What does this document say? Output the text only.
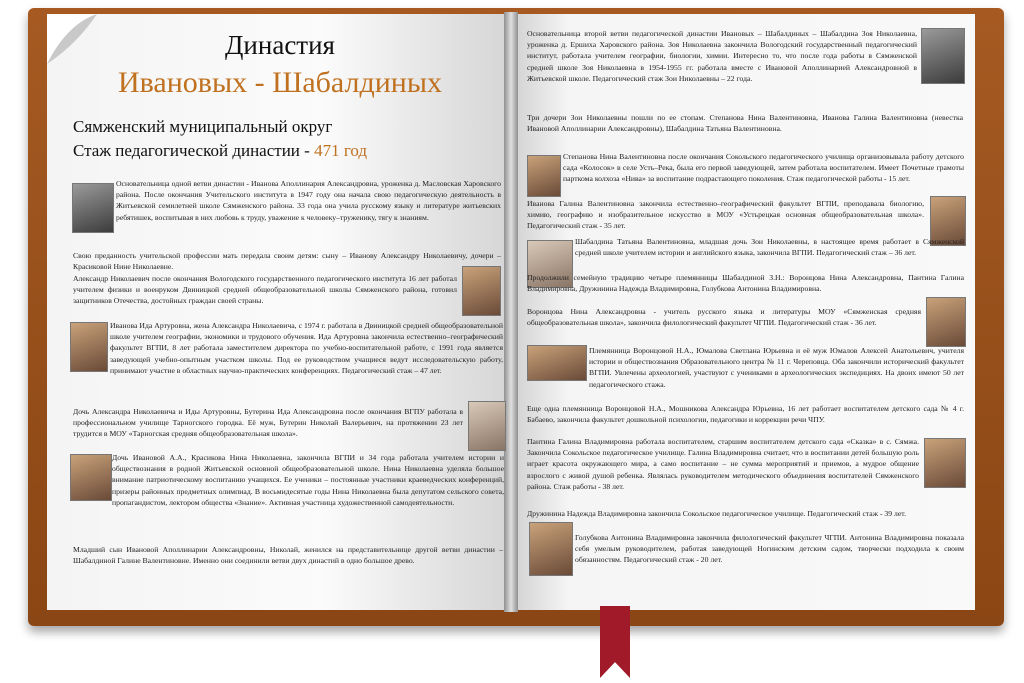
Династия
Ивановых - Шабалдиных
Сямженский муниципальный округ
Стаж педагогической династии - 471 год

Основательница одной ветви династии - Иванова Аполлинария Александровна, уроженка д. Масловская Харовского района. После окончания Учительского института в 1947 году она начала свою педагогическую деятельность в Житьевской семилетней школе Сямженского района. 33 года она учила русскому языку и литературе житьевских ребятишек, воспитывая в них любовь к труду, уважение к человеку–труженику, тягу к знаниям.

Свою преданность учительской профессии мать передала своим детям: сыну – Иванову Александру Николаевичу, дочери – Красиковой Нине Николаевне.

Александр Николаевич после окончания Вологодского государственного педагогического института 16 лет работал учителем физики и военруком Двиницкой средней общеобразовательной школы Сямженского района, готовил защитников Отечества, достойных граждан своей страны.

Иванова Ида Артуровна, жена Александра Николаевича, с 1974 г. работала в Двиницкой средней общеобразовательной школе учителем географии, экономики и трудового обучения. Ида Артуровна закончила естественно–географический факультет ВГПИ, 8 лет работала заместителем директора по учебно-воспитательной работе, с 1991 года является заведующей учебно-опытным участком школы. Под ее руководством учащиеся ведут исследовательскую работу, принимают участие в областных научно-практических конференциях. Педагогический стаж – 47 лет.

Дочь Александра Николаевича и Иды Артуровны, Бутерина Ида Александровна после окончания ВГПУ работала в профессиональном училище Тарногского городка. Её муж, Бутерин Николай Валерьевич, на протяжении 23 лет трудится в МОУ «Тарногская средняя общеобразовательная школа».

Дочь Ивановой А.А., Красикова Нина Николаевна, закончила ВГПИ и 34 года работала учителем истории и обществознания в родной Житьевской основной общеобразовательной школе. Нина Николаевна уделяла большое внимание патриотическому воспитанию учащихся. Ее ученики – постоянные участники краеведческих конференций, призеры районных предметных олимпиад. В восьмидесятые годы Нина Николаевна была депутатом сельского совета, пропагандистом, лектором общества «Знание». Активная участница художественной самодеятельности.

Младший сын Ивановой Аполлинарии Александровны, Николай, женился на представительнице другой ветви династии – Шабалдиной Галине Валентиновне. Именно они соединили ветви двух династий в одно большое древо.

Основательница второй ветви педагогической династии Ивановых – Шабалдиных – Шабалдина Зоя Николаевна, уроженка д. Ершиха Харовского района. Зоя Николаевна закончила Вологодский государственный педагогический институт, работала учителем географии, биологии, химии. Интересно то, что после года работы в Сямженской средней школе Зоя Николаевна в 1954-1955 гг. работала вместе с Ивановой Аполлинарией Александровной в Житьевской школе. Педагогический стаж Зои Николаевны – 22 года.

Три дочери Зои Николаевны пошли по ее стопам. Степанова Нина Валентиновна, Иванова Галина Валентиновна (невестка Ивановой Аполлинарии Александровны), Шабалдина Татьяна Валентиновна.

Степанова Нина Валентиновна после окончания Сокольского педагогического училища организовывала работу детского сада «Колосок» в селе Усть–Река, была его первой заведующей, затем работала воспитателем. Имеет Почетные грамоты парткома колхоза «Нива» за воспитание подрастающего поколения. Стаж педагогической работы - 15 лет.

Иванова Галина Валентиновна закончила естественно–географический факультет ВГПИ, преподавала биологию, химию, географию и изобразительное искусство в МОУ «Устьрецкая основная общеобразовательная школа». Педагогический стаж - 35 лет.

Шабалдина Татьяна Валентиновна, младшая дочь Зои Николаевны, в настоящее время работает в Сямженской средней школе учителем истории и английского языка, закончила ВГПИ. Педагогический стаж – 36 лет.

Продолжили семейную традицию четыре племянницы Шабалдиной З.Н.: Воронцова Нина Александровна, Пантина Галина Владимировна, Дружинина Надежда Владимировна, Голубкова Антонина Владимировна.

Воронцова Нина Александровна - учитель русского языка и литературы МОУ «Сямженская средняя общеобразовательная школа», закончила филологический факультет ЧГПИ. Педагогический стаж - 36 лет.

Племянница Воронцовой Н.А., Юмалова Светлана Юрьевна и её муж Юмалов Алексей Анатольевич, учителя истории и обществознания Образовательного центра № 11 г. Череповца. Оба закончили исторический факультет ВГПИ. Увлечены археологией, участвуют с учениками в археологических экспедициях. На двоих имеют 50 лет педагогического стажа.

Еще одна племянница Воронцовой Н.А., Мошникова Александра Юрьевна, 16 лет работает воспитателем детского сада № 4 г. Бабаево, закончила факультет дошкольной психологии, педагогики и коррекции речи ЧПУ.

Пантина Галина Владимировна работала воспитателем, старшим воспитателем детского сада «Сказка» в с. Сямжа. Закончила Сокольское педагогическое училище. Галина Владимировна считает, что в воспитании детей большую роль играет красота окружающего мира, а само воспитание – не сумма мероприятий и приемов, а мудрое общение взрослого с живой душой ребенка. Являлась руководителем методического объединения воспитателей Сямженского района. Стаж работы - 38 лет.

Дружинина Надежда Владимировна закончила Сокольское педагогическое училище. Педагогический стаж - 39 лет.

Голубкова Антонина Владимировна закончила филологический факультет ЧГПИ. Антонина Владимировна показала себя умелым руководителем, работая заведующей Ногинским детским садом, творчески подходила к своим обязанностям. Педагогический стаж - 20 лет.
